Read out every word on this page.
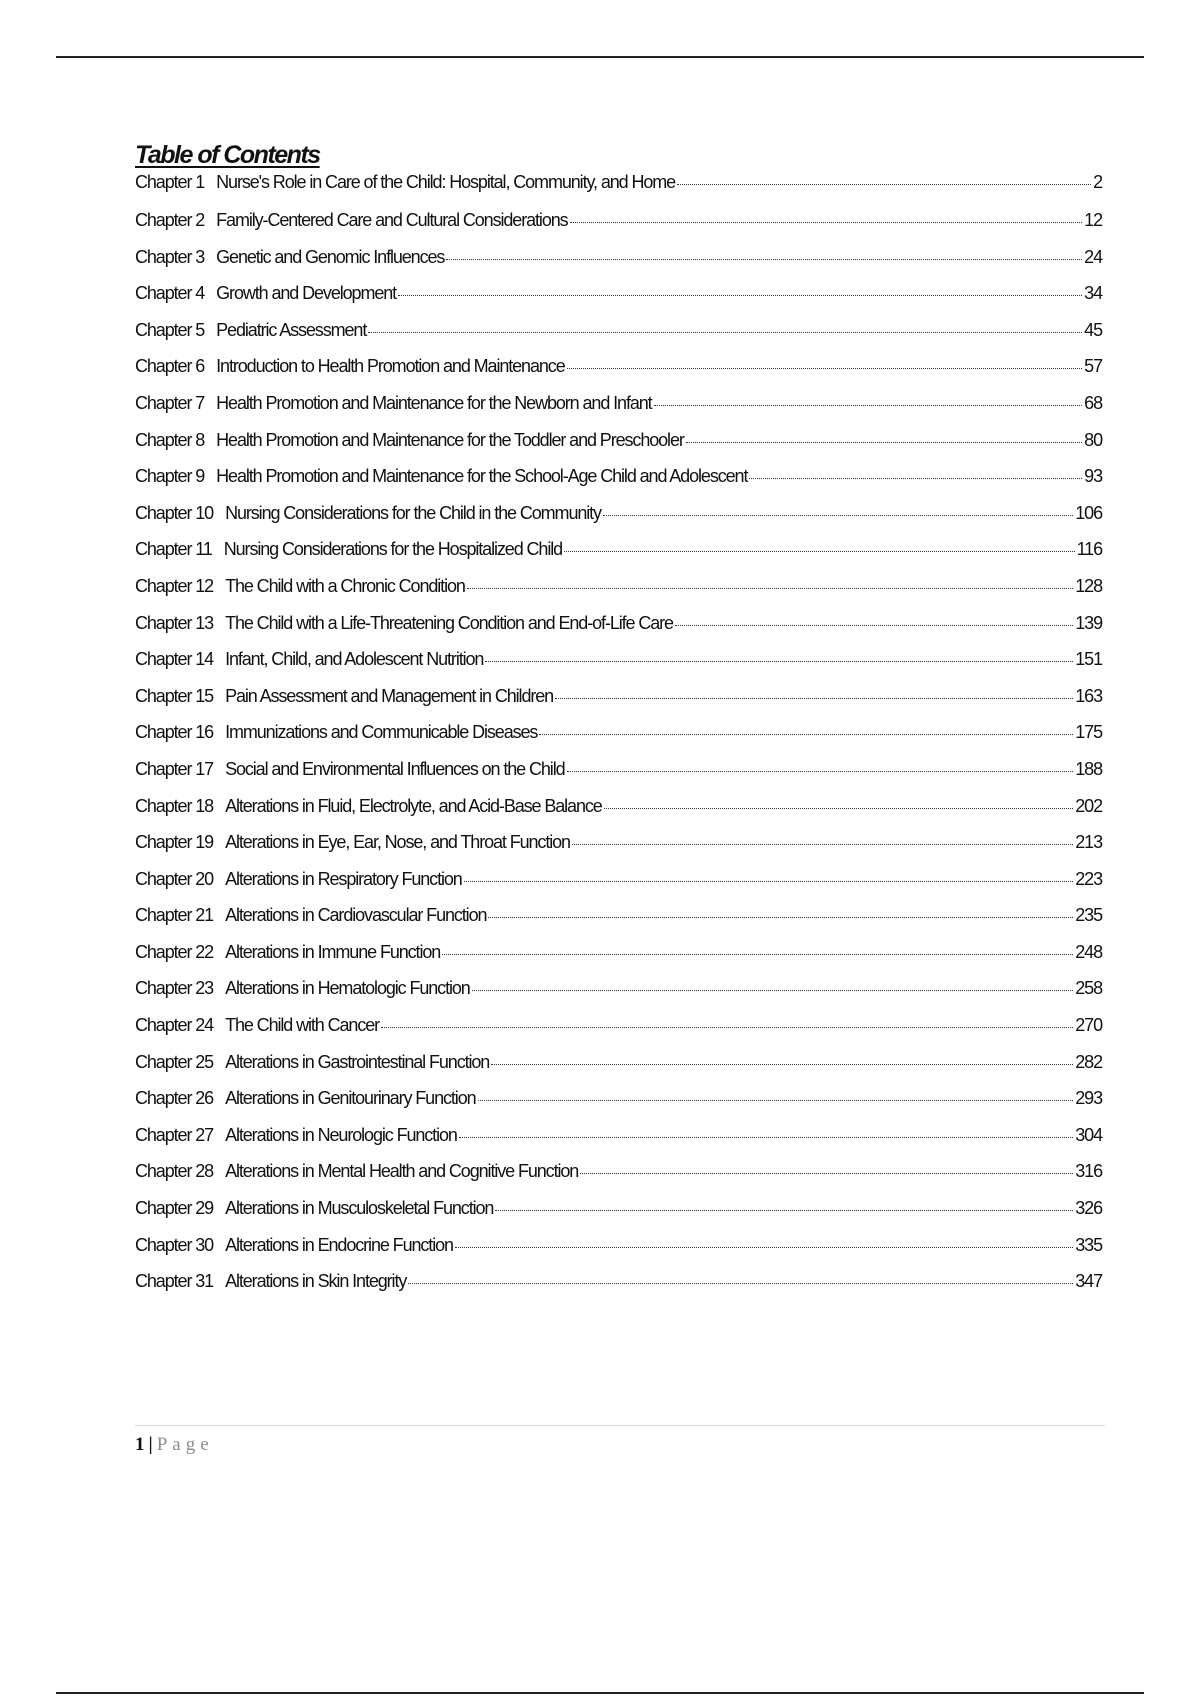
Table of Contents
Chapter 1 Nurse's Role in Care of the Child: Hospital, Community, and Home	2
Chapter 2 Family-Centered Care and Cultural Considerations	12
Chapter 3 Genetic and Genomic Influences	24
Chapter 4 Growth and Development	34
Chapter 5 Pediatric Assessment	45
Chapter 6 Introduction to Health Promotion and Maintenance	57
Chapter 7 Health Promotion and Maintenance for the Newborn and Infant	68
Chapter 8 Health Promotion and Maintenance for the Toddler and Preschooler	80
Chapter 9 Health Promotion and Maintenance for the School-Age Child and Adolescent	93
Chapter 10 Nursing Considerations for the Child in the Community	106
Chapter 11 Nursing Considerations for the Hospitalized Child	116
Chapter 12 The Child with a Chronic Condition	128
Chapter 13 The Child with a Life-Threatening Condition and End-of-Life Care	139
Chapter 14 Infant, Child, and Adolescent Nutrition	151
Chapter 15 Pain Assessment and Management in Children	163
Chapter 16 Immunizations and Communicable Diseases	175
Chapter 17 Social and Environmental Influences on the Child	188
Chapter 18 Alterations in Fluid, Electrolyte, and Acid-Base Balance	202
Chapter 19 Alterations in Eye, Ear, Nose, and Throat Function	213
Chapter 20 Alterations in Respiratory Function	223
Chapter 21 Alterations in Cardiovascular Function	235
Chapter 22 Alterations in Immune Function	248
Chapter 23 Alterations in Hematologic Function	258
Chapter 24 The Child with Cancer	270
Chapter 25 Alterations in Gastrointestinal Function	282
Chapter 26 Alterations in Genitourinary Function	293
Chapter 27 Alterations in Neurologic Function	304
Chapter 28 Alterations in Mental Health and Cognitive Function	316
Chapter 29 Alterations in Musculoskeletal Function	326
Chapter 30 Alterations in Endocrine Function	335
Chapter 31 Alterations in Skin Integrity	347
1 | Page
